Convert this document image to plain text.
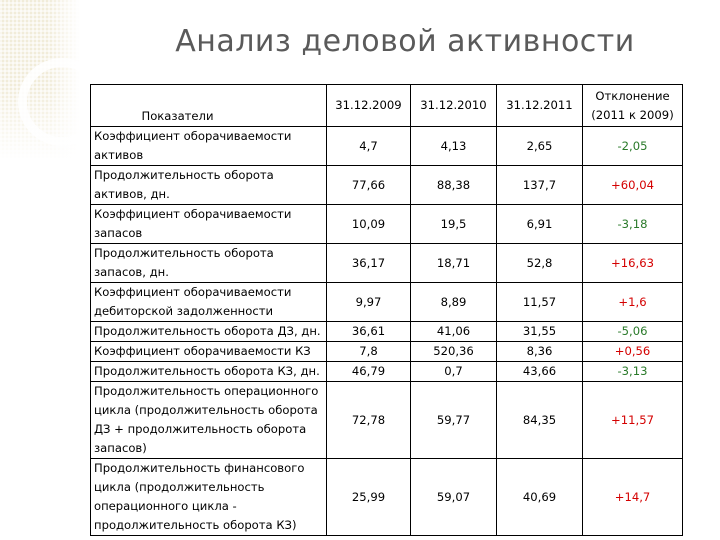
Анализ деловой активности
Показатели	31.12.2009	31.12.2010	31.12.2011	Отклонение
(2011 к 2009)

Коэффициент оборачиваемости активов	4,7	4,13	2,65	-2,05
Продолжительность оборота активов, дн.	77,66	88,38	137,7	+60,04
Коэффициент оборачиваемости запасов	10,09	19,5	6,91	-3,18
Продолжительность оборота запасов, дн.	36,17	18,71	52,8	+16,63
Коэффициент оборачиваемости дебиторской задолженности	9,97	8,89	11,57	+1,6
Продолжительность оборота ДЗ, дн.	36,61	41,06	31,55	-5,06
Коэффициент оборачиваемости КЗ	7,8	520,36	8,36	+0,56
Продолжительность оборота КЗ, дн.	46,79	0,7	43,66	-3,13
Продолжительность операционного цикла (продолжительность оборота ДЗ + продолжительность оборота запасов)	72,78	59,77	84,35	+11,57
Продолжительность финансового цикла (продолжительность операционного цикла - продолжительность оборота КЗ)	25,99	59,07	40,69	+14,7
